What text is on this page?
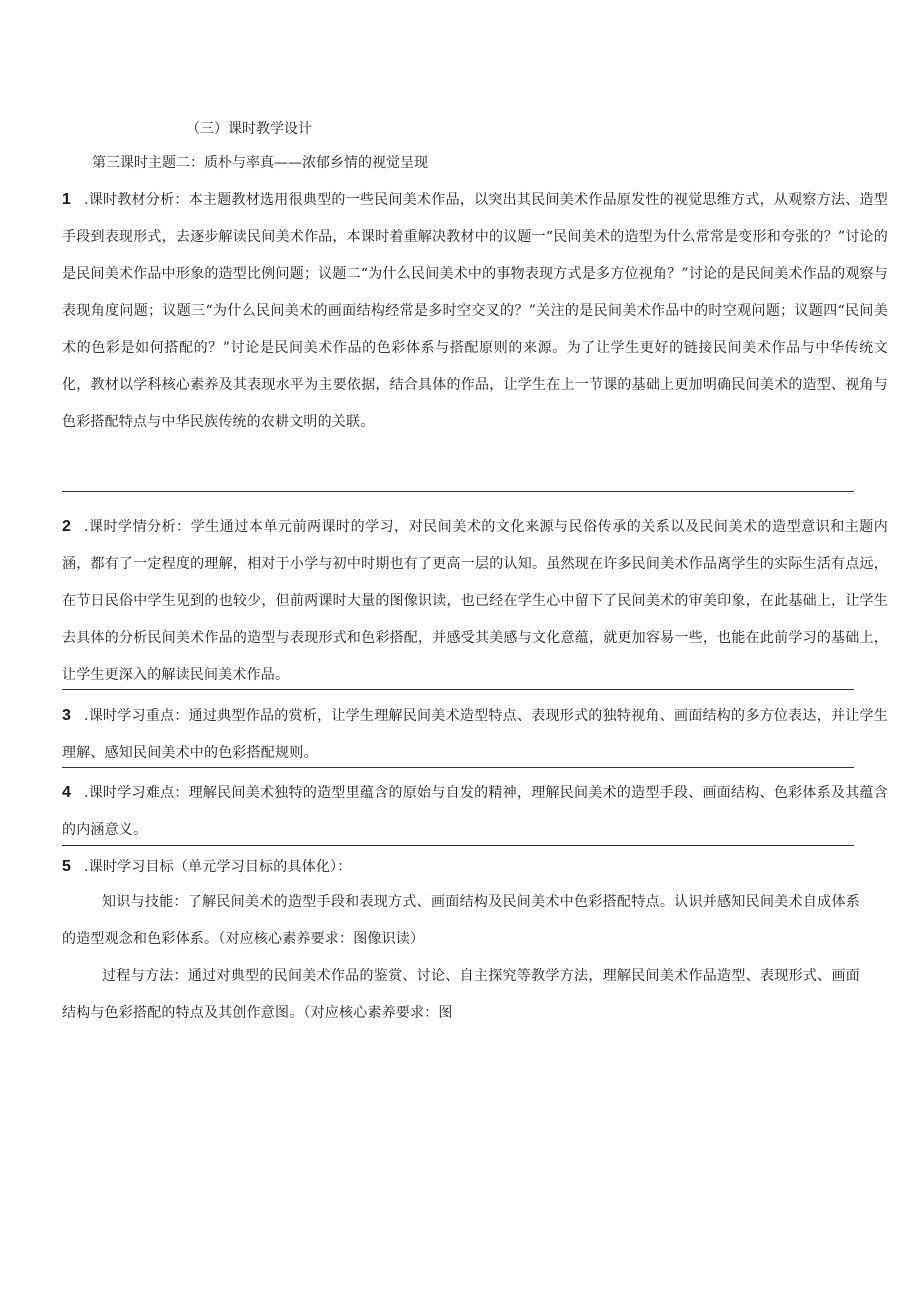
（三）课时教学设计
第三课时主题二：质朴与率真——浓郁乡情的视觉呈现

1 .课时教材分析：本主题教材选用很典型的一些民间美术作品，以突出其民间美术作品原发性的视觉思维方式，从观察方法、造型手段到表现形式，去逐步解读民间美术作品，本课时着重解决教材中的议题一“民间美术的造型为什么常常是变形和夸张的？”讨论的是民间美术作品中形象的造型比例问题；议题二“为什么民间美术中的事物表现方式是多方位视角？”讨论的是民间美术作品的观察与表现角度问题；议题三“为什么民间美术的画面结构经常是多时空交叉的？”关注的是民间美术作品中的时空观问题；议题四“民间美术的色彩是如何搭配的？”讨论是民间美术作品的色彩体系与搭配原则的来源。为了让学生更好的链接民间美术作品与中华传统文化，教材以学科核心素养及其表现水平为主要依据，结合具体的作品，让学生在上一节课的基础上更加明确民间美术的造型、视角与色彩搭配特点与中华民族传统的农耕文明的关联。

2 .课时学情分析：学生通过本单元前两课时的学习，对民间美术的文化来源与民俗传承的关系以及民间美术的造型意识和主题内涵，都有了一定程度的理解，相对于小学与初中时期也有了更高一层的认知。虽然现在许多民间美术作品离学生的实际生活有点远，在节日民俗中学生见到的也较少，但前两课时大量的图像识读，也已经在学生心中留下了民间美术的审美印象，在此基础上，让学生去具体的分析民间美术作品的造型与表现形式和色彩搭配，并感受其美感与文化意蕴，就更加容易一些，也能在此前学习的基础上，让学生更深入的解读民间美术作品。

3 .课时学习重点：通过典型作品的赏析，让学生理解民间美术造型特点、表现形式的独特视角、画面结构的多方位表达，并让学生理解、感知民间美术中的色彩搭配规则。

4 .课时学习难点：理解民间美术独特的造型里蕴含的原始与自发的精神，理解民间美术的造型手段、画面结构、色彩体系及其蕴含的内涵意义。

5 .课时学习目标（单元学习目标的具体化）：

知识与技能：了解民间美术的造型手段和表现方式、画面结构及民间美术中色彩搭配特点。认识并感知民间美术自成体系的造型观念和色彩体系。（对应核心素养要求：图像识读）

过程与方法：通过对典型的民间美术作品的鉴赏、讨论、自主探究等教学方法，理解民间美术作品造型、表现形式、画面结构与色彩搭配的特点及其创作意图。（对应核心素养要求：图
